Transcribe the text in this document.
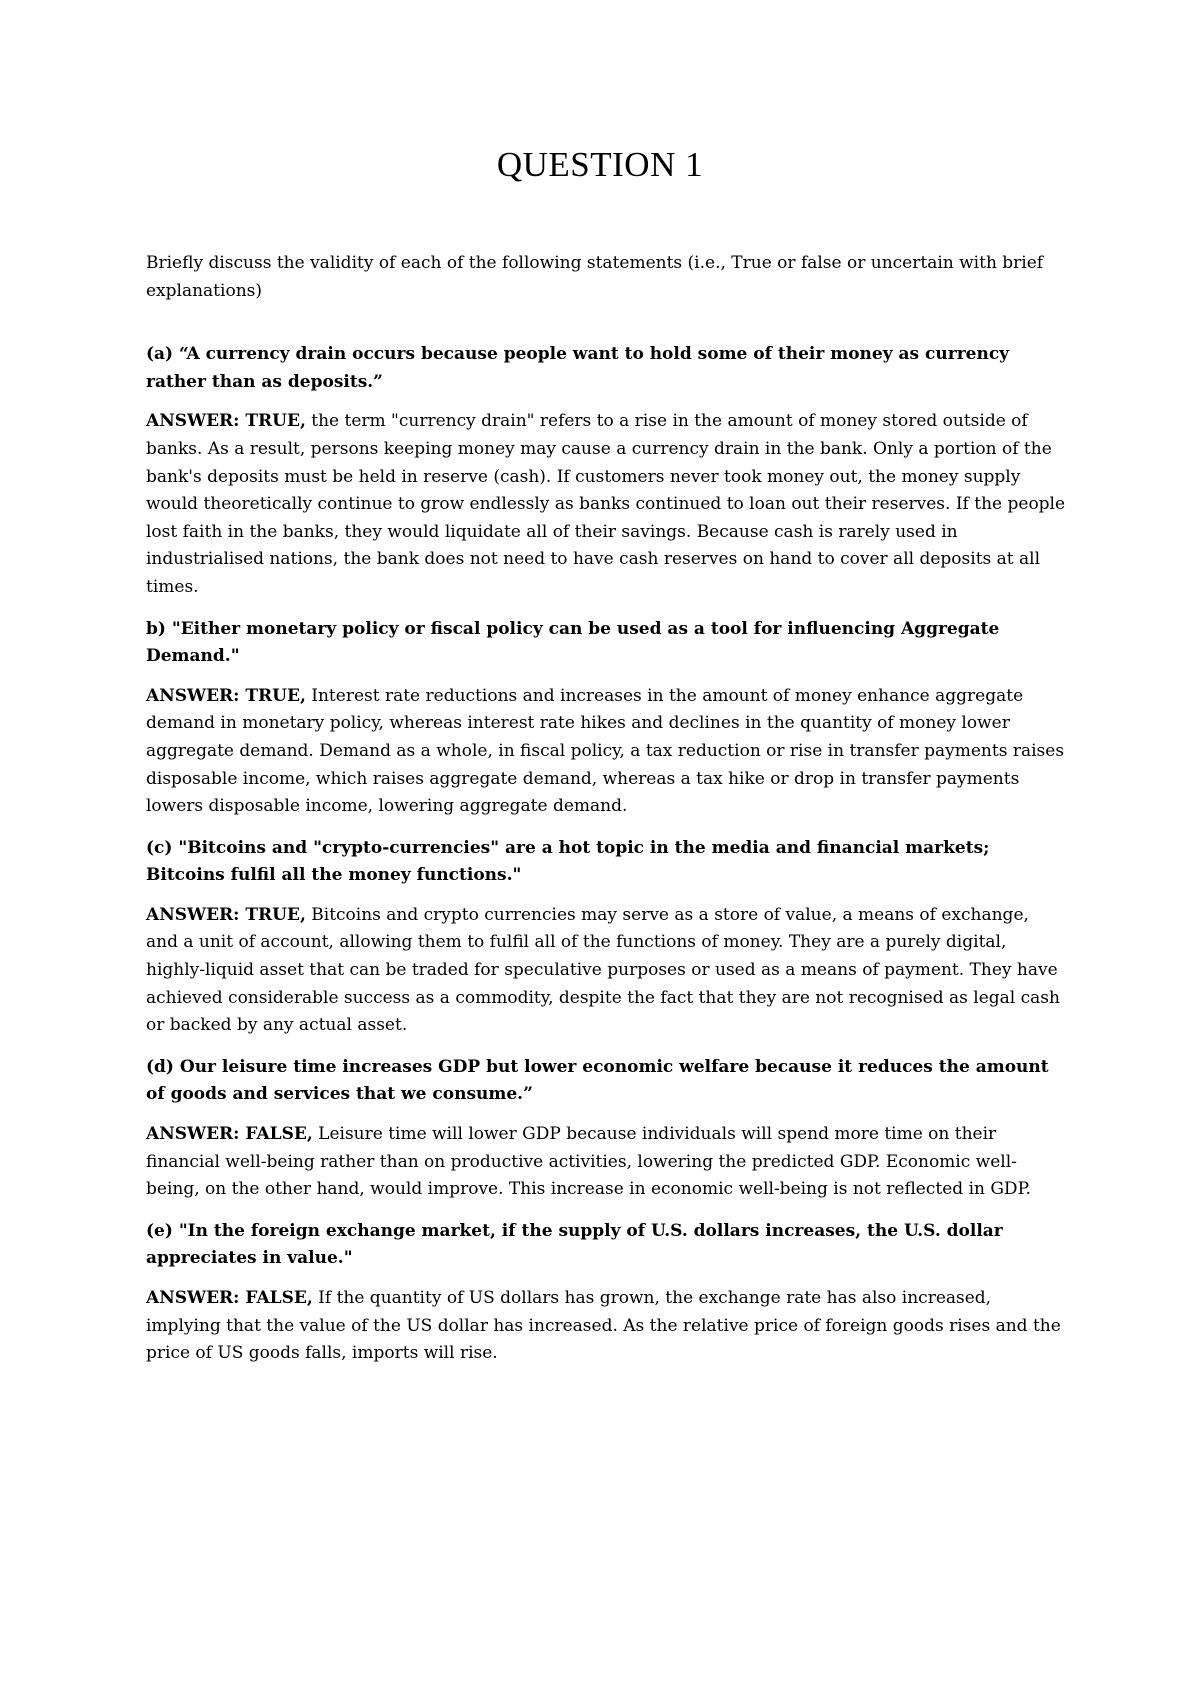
QUESTION 1

Briefly discuss the validity of each of the following statements (i.e., True or false or uncertain with brief explanations)

(a) “A currency drain occurs because people want to hold some of their money as currency rather than as deposits.”

ANSWER: TRUE, the term "currency drain" refers to a rise in the amount of money stored outside of banks. As a result, persons keeping money may cause a currency drain in the bank. Only a portion of the bank's deposits must be held in reserve (cash). If customers never took money out, the money supply would theoretically continue to grow endlessly as banks continued to loan out their reserves. If the people lost faith in the banks, they would liquidate all of their savings. Because cash is rarely used in industrialised nations, the bank does not need to have cash reserves on hand to cover all deposits at all times.

b) "Either monetary policy or fiscal policy can be used as a tool for influencing Aggregate Demand."

ANSWER: TRUE, Interest rate reductions and increases in the amount of money enhance aggregate demand in monetary policy, whereas interest rate hikes and declines in the quantity of money lower aggregate demand. Demand as a whole, in fiscal policy, a tax reduction or rise in transfer payments raises disposable income, which raises aggregate demand, whereas a tax hike or drop in transfer payments lowers disposable income, lowering aggregate demand.

(c) "Bitcoins and "crypto-currencies" are a hot topic in the media and financial markets; Bitcoins fulfil all the money functions."

ANSWER: TRUE, Bitcoins and crypto currencies may serve as a store of value, a means of exchange, and a unit of account, allowing them to fulfil all of the functions of money. They are a purely digital, highly-liquid asset that can be traded for speculative purposes or used as a means of payment. They have achieved considerable success as a commodity, despite the fact that they are not recognised as legal cash or backed by any actual asset.

(d) Our leisure time increases GDP but lower economic welfare because it reduces the amount of goods and services that we consume.”

ANSWER: FALSE, Leisure time will lower GDP because individuals will spend more time on their financial well-being rather than on productive activities, lowering the predicted GDP. Economic well-being, on the other hand, would improve. This increase in economic well-being is not reflected in GDP.

(e) "In the foreign exchange market, if the supply of U.S. dollars increases, the U.S. dollar appreciates in value."

ANSWER: FALSE, If the quantity of US dollars has grown, the exchange rate has also increased, implying that the value of the US dollar has increased. As the relative price of foreign goods rises and the price of US goods falls, imports will rise.
